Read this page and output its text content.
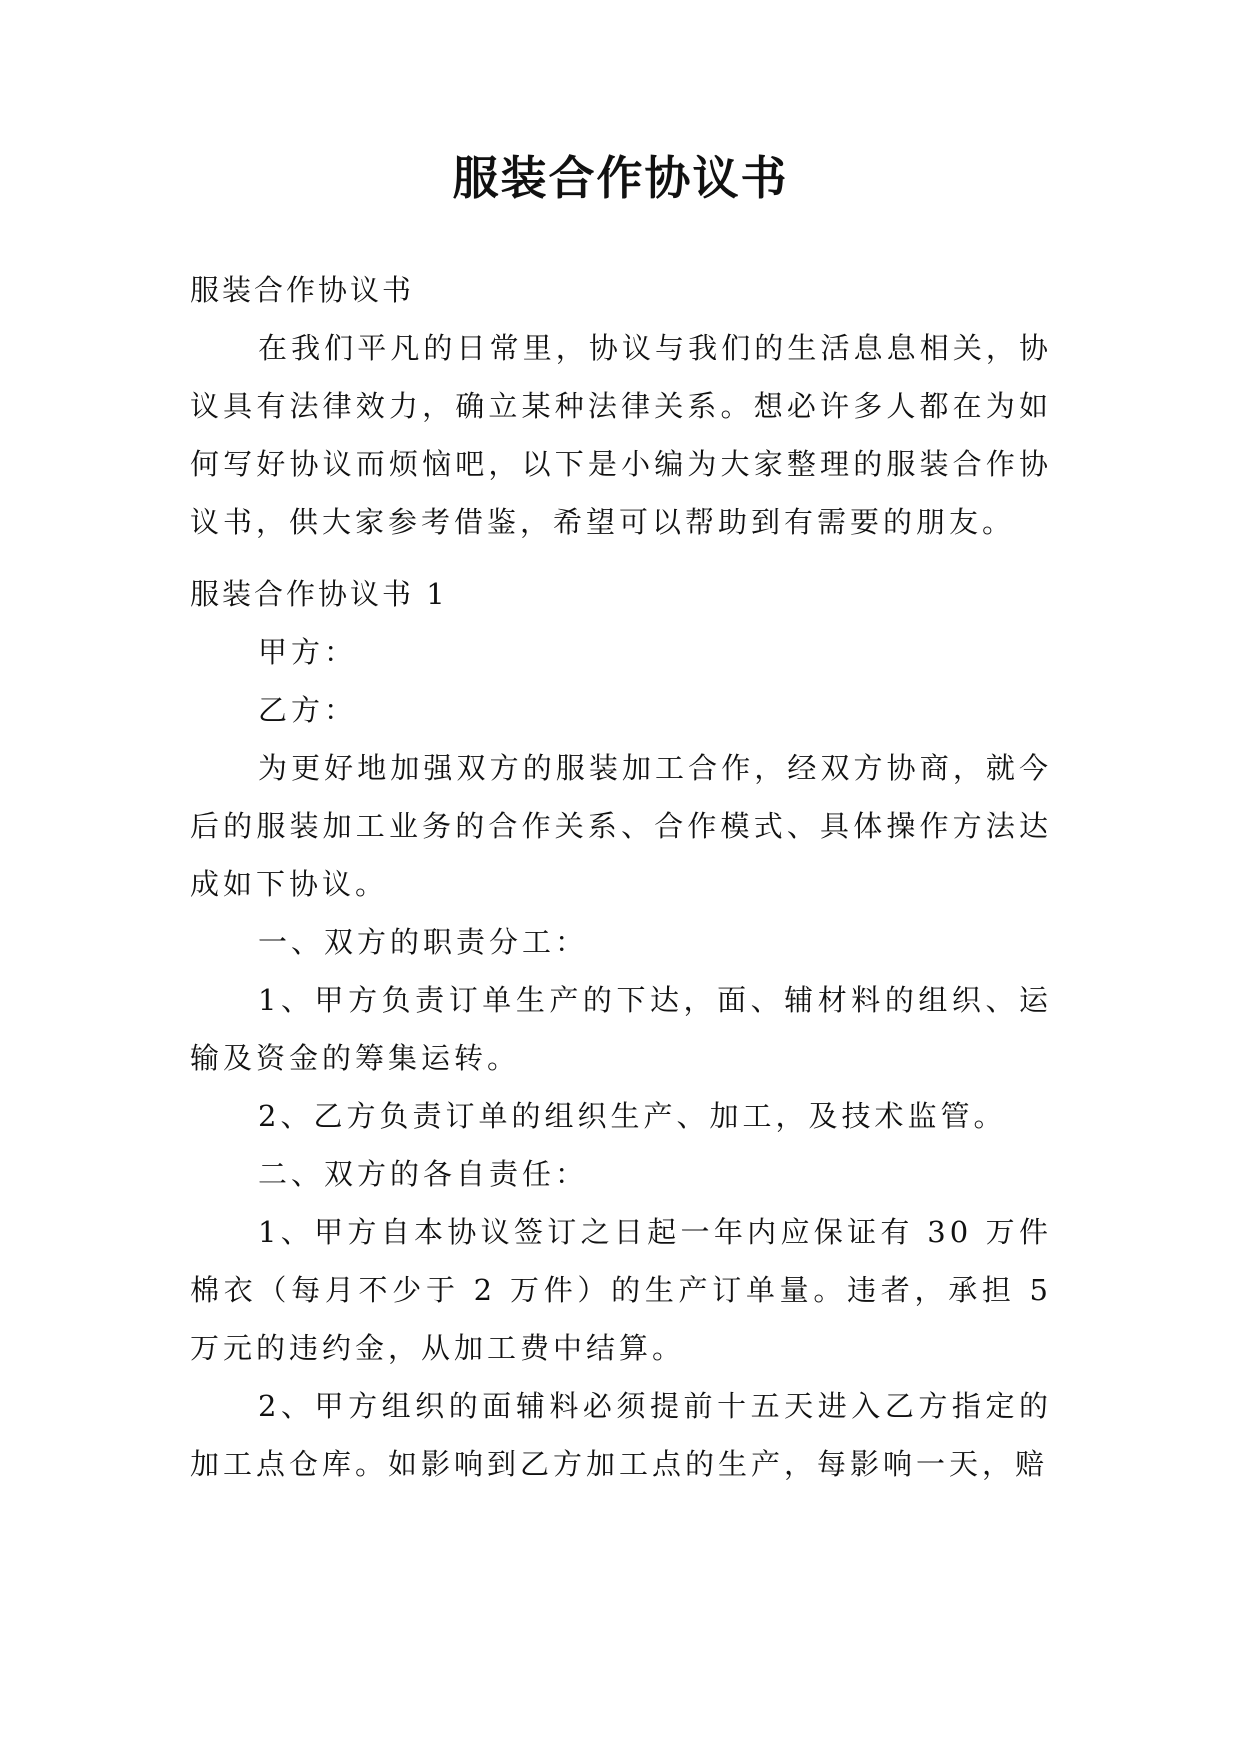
服装合作协议书

服装合作协议书

在我们平凡的日常里，协议与我们的生活息息相关，协议具有法律效力，确立某种法律关系。想必许多人都在为如何写好协议而烦恼吧，以下是小编为大家整理的服装合作协议书，供大家参考借鉴，希望可以帮助到有需要的朋友。

服装合作协议书 1

甲方：

乙方：

为更好地加强双方的服装加工合作，经双方协商，就今后的服装加工业务的合作关系、合作模式、具体操作方法达成如下协议。

一、双方的职责分工：

1、甲方负责订单生产的下达，面、辅材料的组织、运输及资金的筹集运转。

2、乙方负责订单的组织生产、加工，及技术监管。

二、双方的各自责任：

1、甲方自本协议签订之日起一年内应保证有 30 万件棉衣（每月不少于 2 万件）的生产订单量。违者，承担 5 万元的违约金，从加工费中结算。

2、甲方组织的面辅料必须提前十五天进入乙方指定的加工点仓库。如影响到乙方加工点的生产，每影响一天，赔
